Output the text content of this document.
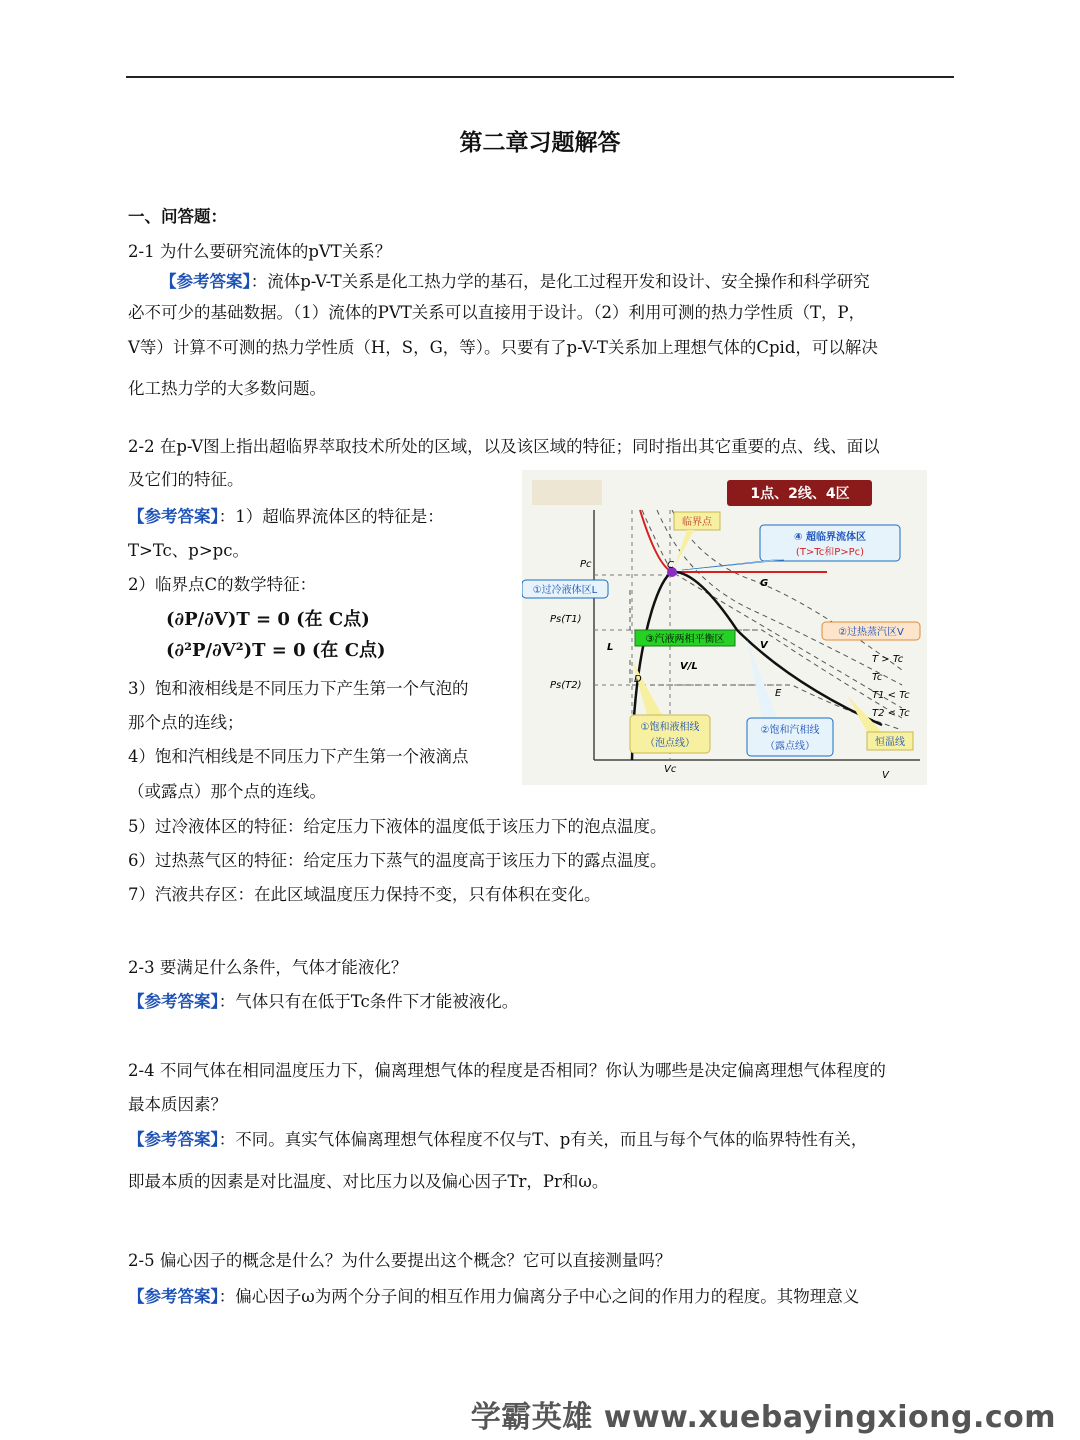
第二章习题解答
一、问答题：
2-1 为什么要研究流体的pVT关系？
【参考答案】：流体p-V-T关系是化工热力学的基石，是化工过程开发和设计、安全操作和科学研究
必不可少的基础数据。（1）流体的PVT关系可以直接用于设计。（2）利用可测的热力学性质（T，P，
V等）计算不可测的热力学性质（H，S，G，等）。只要有了p-V-T关系加上理想气体的Cpid，可以解决
化工热力学的大多数问题。
2-2 在p-V图上指出超临界萃取技术所处的区域，以及该区域的特征；同时指出其它重要的点、线、面以
及它们的特征。
【参考答案】：1）超临界流体区的特征是：
T>Tc、p>pc。
2）临界点C的数学特征：
(∂P/∂V)T = 0 (在 C点)
(∂²P/∂V²)T = 0 (在 C点)
3）饱和液相线是不同压力下产生第一个气泡的
那个点的连线；
4）饱和汽相线是不同压力下产生第一个液滴点
（或露点）那个点的连线。
5）过冷液体区的特征：给定压力下液体的温度低于该压力下的泡点温度。
6）过热蒸气区的特征：给定压力下蒸气的温度高于该压力下的露点温度。
7）汽液共存区：在此区域温度压力保持不变，只有体积在变化。
1点、2线、4区
临界点
④ 超临界流体区
(T>Tc和P>Pc)
①过冷液体区L
③汽液两相平衡区
②过热蒸汽区V
①饱和液相线
（泡点线）
②饱和汽相线
（露点线）	恒温线
Pc
Ps(T1)
Ps(T2)
C
G
L	V
V/L
D
E
Vc
V
T > Tc
Tc
T1 < Tc
T2 < Tc
2-3 要满足什么条件，气体才能液化？
【参考答案】：气体只有在低于Tc条件下才能被液化。
2-4 不同气体在相同温度压力下，偏离理想气体的程度是否相同？你认为哪些是决定偏离理想气体程度的
最本质因素？
【参考答案】：不同。真实气体偏离理想气体程度不仅与T、p有关，而且与每个气体的临界特性有关，
即最本质的因素是对比温度、对比压力以及偏心因子Tr，Pr和ω。
2-5 偏心因子的概念是什么？为什么要提出这个概念？它可以直接测量吗？
【参考答案】：偏心因子ω为两个分子间的相互作用力偏离分子中心之间的作用力的程度。其物理意义
学霸英雄 www.xuebayingxiong.com
